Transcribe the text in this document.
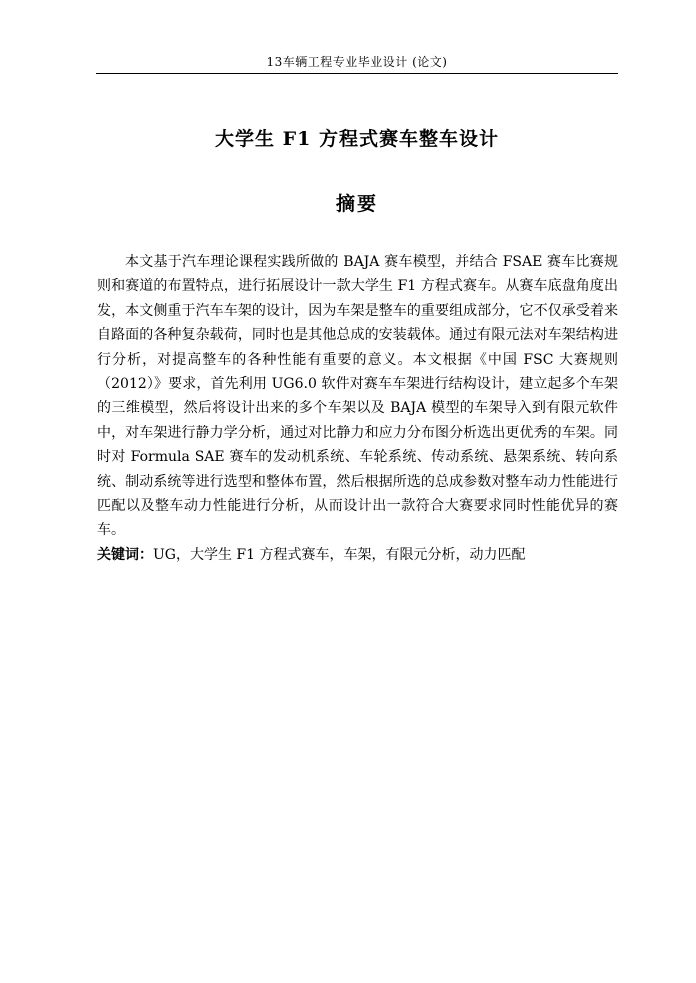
13车辆工程专业毕业设计 (论文)
大学生 F1 方程式赛车整车设计
摘要

本文基于汽车理论课程实践所做的 BAJA 赛车模型，并结合 FSAE 赛车比赛规则和赛道的布置特点，进行拓展设计一款大学生 F1 方程式赛车。从赛车底盘角度出发，本文侧重于汽车车架的设计，因为车架是整车的重要组成部分，它不仅承受着来自路面的各种复杂载荷，同时也是其他总成的安装载体。通过有限元法对车架结构进行分析，对提高整车的各种性能有重要的意义。本文根据《中国 FSC 大赛规则（2012）》要求，首先利用 UG6.0 软件对赛车车架进行结构设计，建立起多个车架的三维模型，然后将设计出来的多个车架以及 BAJA 模型的车架导入到有限元软件中，对车架进行静力学分析，通过对比静力和应力分布图分析选出更优秀的车架。同时对 Formula SAE 赛车的发动机系统、车轮系统、传动系统、悬架系统、转向系统、制动系统等进行选型和整体布置，然后根据所选的总成参数对整车动力性能进行匹配以及整车动力性能进行分析，从而设计出一款符合大赛要求同时性能优异的赛车。

关键词：UG，大学生 F1 方程式赛车，车架，有限元分析，动力匹配
